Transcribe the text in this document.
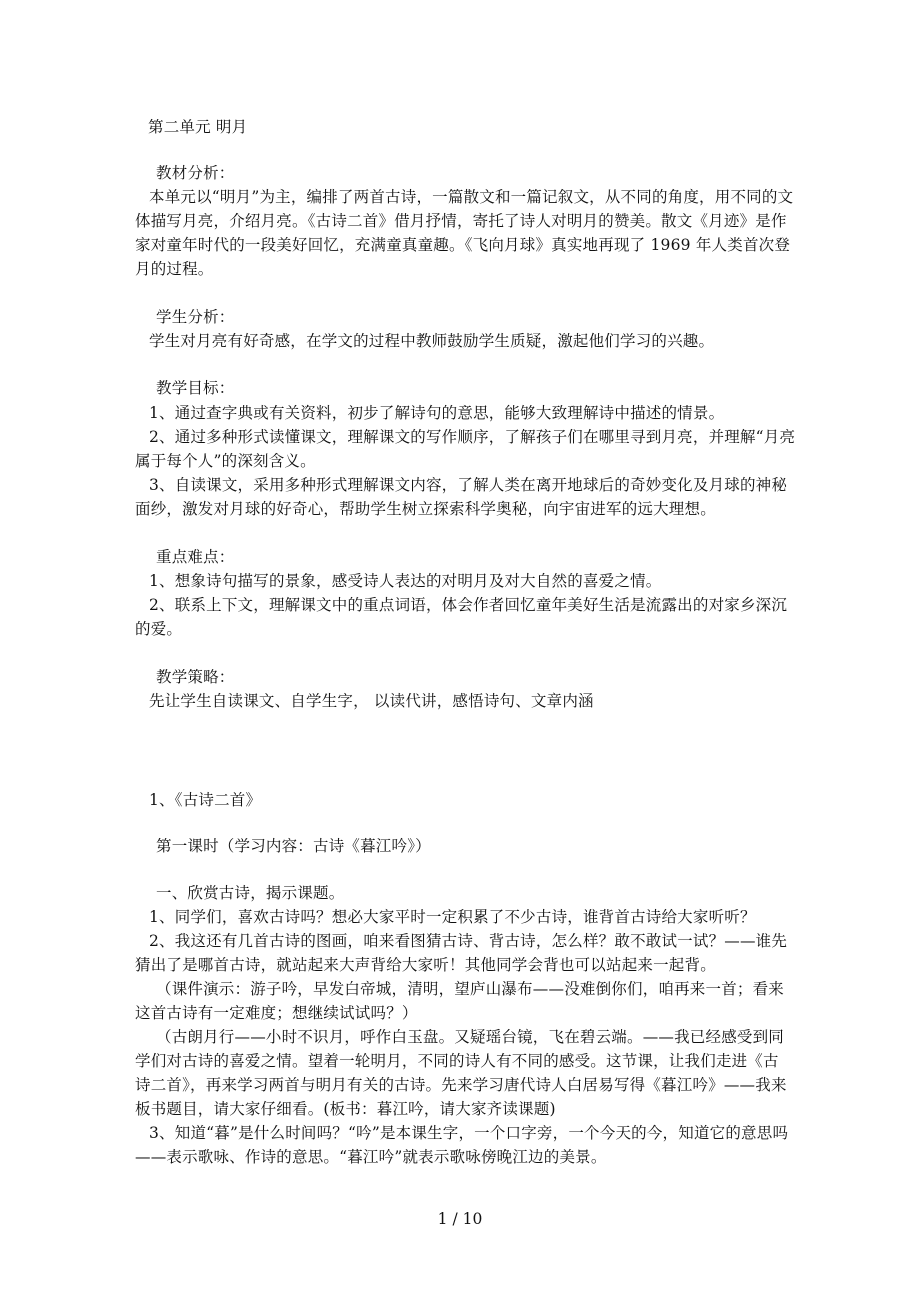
第二单元 明月
教材分析：
本单元以“明月”为主，编排了两首古诗，一篇散文和一篇记叙文，从不同的角度，用不同的文
体描写月亮，介绍月亮。《古诗二首》借月抒情，寄托了诗人对明月的赞美。散文《月迹》是作
家对童年时代的一段美好回忆，充满童真童趣。《飞向月球》真实地再现了 1969 年人类首次登
月的过程。
学生分析：
学生对月亮有好奇感，在学文的过程中教师鼓励学生质疑，激起他们学习的兴趣。
教学目标：
1、通过查字典或有关资料，初步了解诗句的意思，能够大致理解诗中描述的情景。
2、通过多种形式读懂课文，理解课文的写作顺序，了解孩子们在哪里寻到月亮，并理解“月亮
属于每个人”的深刻含义。
3、自读课文，采用多种形式理解课文内容，了解人类在离开地球后的奇妙变化及月球的神秘
面纱，激发对月球的好奇心，帮助学生树立探索科学奥秘，向宇宙进军的远大理想。
重点难点：
1、想象诗句描写的景象，感受诗人表达的对明月及对大自然的喜爱之情。
2、联系上下文，理解课文中的重点词语，体会作者回忆童年美好生活是流露出的对家乡深沉
的爱。
教学策略：
先让学生自读课文、自学生字， 以读代讲，感悟诗句、文章内涵
1、《古诗二首》
第一课时（学习内容：古诗《暮江吟》）
一、欣赏古诗，揭示课题。
1、同学们，喜欢古诗吗？想必大家平时一定积累了不少古诗，谁背首古诗给大家听听？
2、我这还有几首古诗的图画，咱来看图猜古诗、背古诗，怎么样？敢不敢试一试？——谁先
猜出了是哪首古诗，就站起来大声背给大家听！其他同学会背也可以站起来一起背。
（课件演示：游子吟，早发白帝城，清明，望庐山瀑布——没难倒你们，咱再来一首；看来
这首古诗有一定难度；想继续试试吗？）
（古朗月行——小时不识月，呼作白玉盘。又疑瑶台镜，飞在碧云端。——我已经感受到同
学们对古诗的喜爱之情。望着一轮明月，不同的诗人有不同的感受。这节课，让我们走进《古
诗二首》，再来学习两首与明月有关的古诗。先来学习唐代诗人白居易写得《暮江吟》——我来
板书题目，请大家仔细看。(板书：暮江吟，请大家齐读课题)
3、知道“暮”是什么时间吗？“吟”是本课生字，一个口字旁，一个今天的今，知道它的意思吗
——表示歌咏、作诗的意思。“暮江吟”就表示歌咏傍晚江边的美景。
1 / 10
